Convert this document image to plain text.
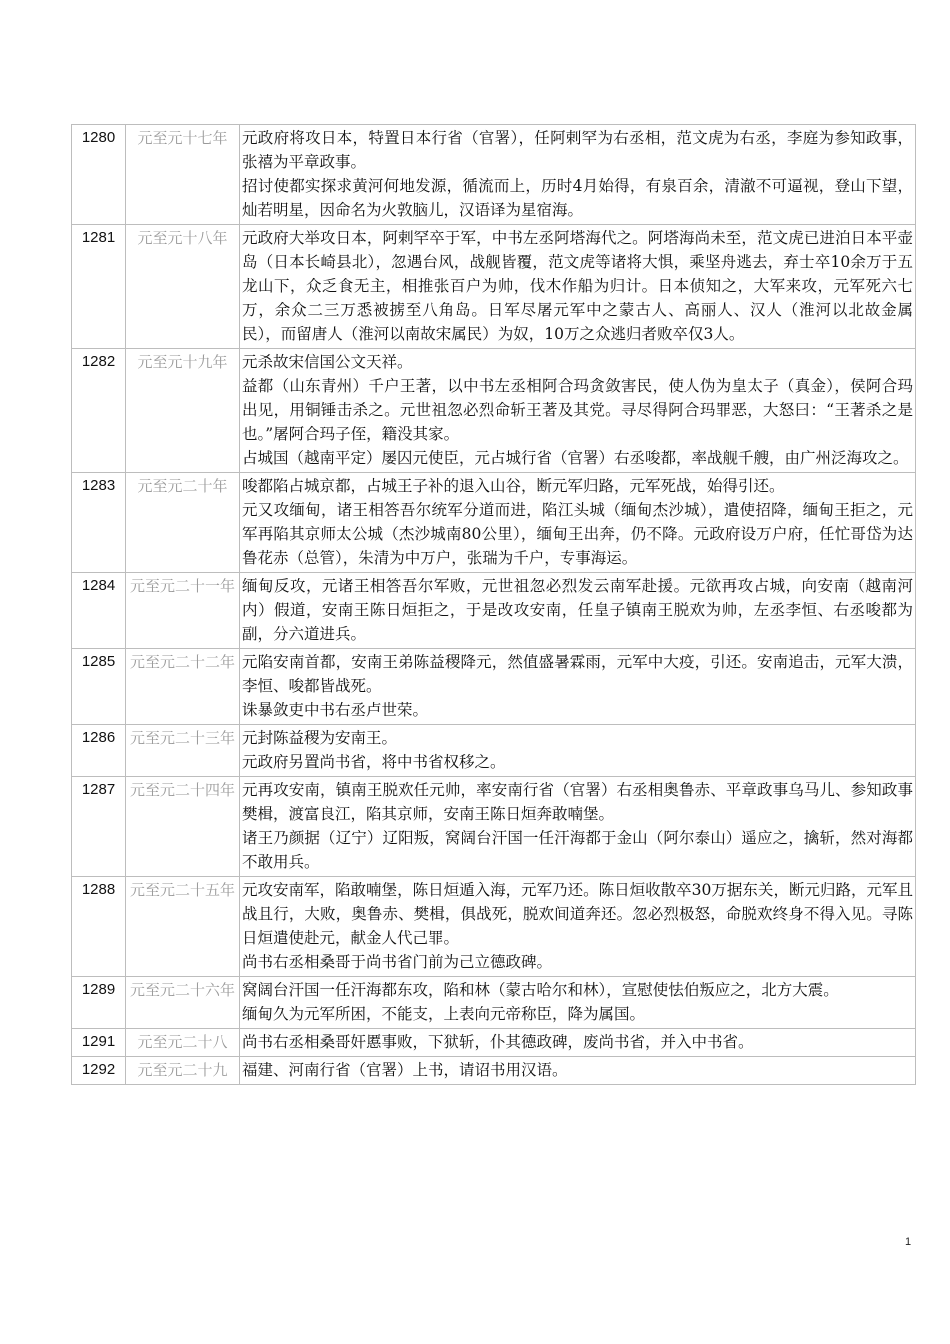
1280	元至元十七年	元政府将攻日本，特置日本行省（官署），任阿剌罕为右丞相，范文虎为右丞，李庭为参知政事，张禧为平章政事。

招讨使都实探求黄河何地发源，循流而上，历时4月始得，有泉百余，清澈不可逼视，登山下望，灿若明星，因命名为火敦脑儿，汉语译为星宿海。

1281	元至元十八年	元政府大举攻日本，阿剌罕卒于军，中书左丞阿塔海代之。阿塔海尚未至，范文虎已进泊日本平壶岛（日本长崎县北），忽遇台风，战舰皆覆，范文虎等诸将大惧，乘坚舟逃去，弃士卒10余万于五龙山下，众乏食无主，相推张百户为帅，伐木作船为归计。日本侦知之，大军来攻，元军死六七万，余众二三万悉被掳至八角岛。日军尽屠元军中之蒙古人、高丽人、汉人（淮河以北故金属民），而留唐人（淮河以南故宋属民）为奴，10万之众逃归者败卒仅3人。

1282	元至元十九年	元杀故宋信国公文天祥。

益都（山东青州）千户王著，以中书左丞相阿合玛贪敛害民，使人伪为皇太子（真金），侯阿合玛出见，用铜锤击杀之。元世祖忽必烈命斩王著及其党。寻尽得阿合玛罪恶，大怒曰：“王著杀之是也。”屠阿合玛子侄，籍没其家。

占城国（越南平定）屡囚元使臣，元占城行省（官署）右丞唆都，率战舰千艘，由广州泛海攻之。

1283	元至元二十年	唆都陷占城京都，占城王子补的退入山谷，断元军归路，元军死战，始得引还。

元又攻缅甸，诸王相答吾尔统军分道而进，陷江头城（缅甸杰沙城），遣使招降，缅甸王拒之，元军再陷其京师太公城（杰沙城南80公里），缅甸王出奔，仍不降。元政府设万户府，任忙哥岱为达鲁花赤（总管），朱清为中万户，张瑞为千户，专事海运。

1284	元至元二十一年	缅甸反攻，元诸王相答吾尔军败，元世祖忽必烈发云南军赴援。元欲再攻占城，向安南（越南河内）假道，安南王陈日烜拒之，于是改攻安南，任皇子镇南王脱欢为帅，左丞李恒、右丞唆都为副，分六道进兵。

1285	元至元二十二年	元陷安南首都，安南王弟陈益稷降元，然值盛暑霖雨，元军中大疫，引还。安南追击，元军大溃，李恒、唆都皆战死。

诛暴敛吏中书右丞卢世荣。

1286	元至元二十三年	元封陈益稷为安南王。

元政府另置尚书省，将中书省权移之。

1287	元至元二十四年	元再攻安南，镇南王脱欢任元帅，率安南行省（官署）右丞相奥鲁赤、平章政事乌马儿、参知政事樊楫，渡富良江，陷其京师，安南王陈日烜奔敢喃堡。

诸王乃颜据（辽宁）辽阳叛，窝阔台汗国一任汗海都于金山（阿尔泰山）遥应之，擒斩，然对海都不敢用兵。

1288	元至元二十五年	元攻安南军，陷敢喃堡，陈日烜遁入海，元军乃还。陈日烜收散卒30万据东关，断元归路，元军且战且行，大败，奥鲁赤、樊楫，俱战死，脱欢间道奔还。忽必烈极怒，命脱欢终身不得入见。寻陈日烜遣使赴元，献金人代己罪。

尚书右丞相桑哥于尚书省门前为己立德政碑。

1289	元至元二十六年	窝阔台汗国一任汗海都东攻，陷和林（蒙古哈尔和林），宣慰使怯伯叛应之，北方大震。

缅甸久为元军所困，不能支，上表向元帝称臣，降为属国。

1291	元至元二十八	尚书右丞相桑哥奸慝事败，下狱斩，仆其德政碑，废尚书省，并入中书省。

1292	元至元二十九	福建、河南行省（官署）上书，请诏书用汉语。

1
